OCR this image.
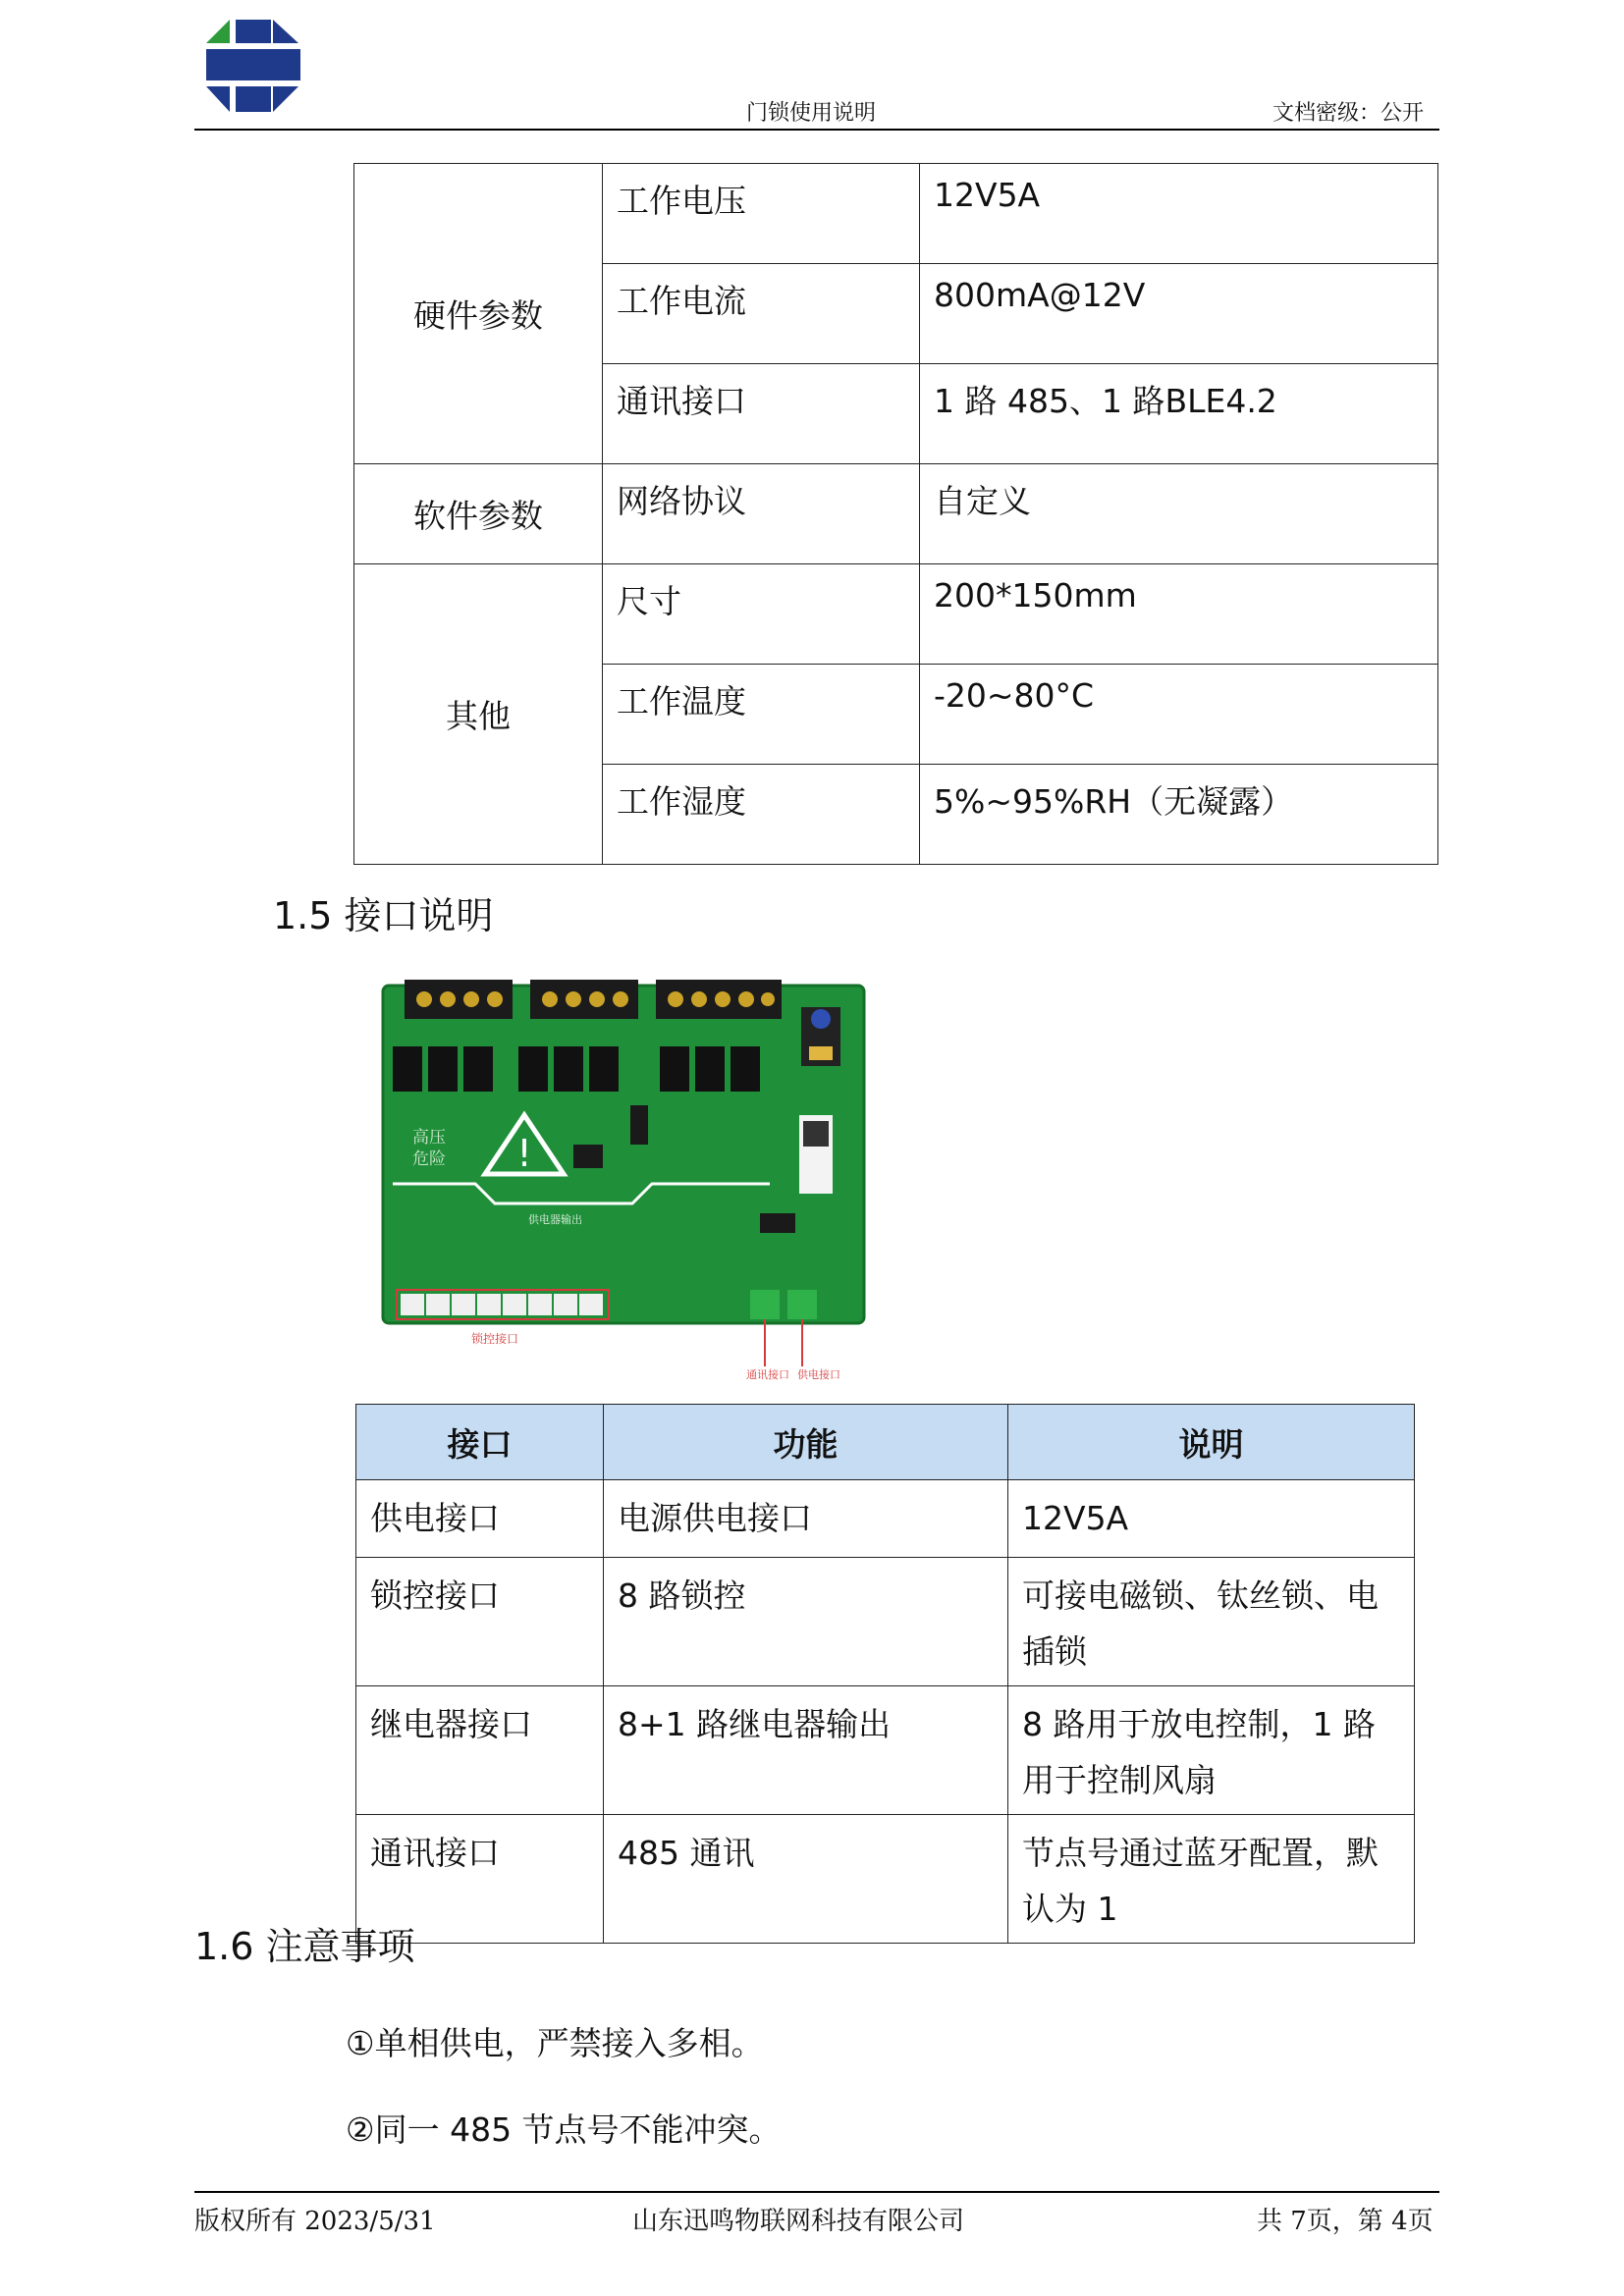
门锁使用说明	文档密级：公开
硬件参数	工作电压	12V5A
	工作电流	800mA@12V
	通讯接口	1 路 485、1 路BLE4.2
软件参数	网络协议	自定义
其他	尺寸	200*150mm
	工作温度	-20~80°C
	工作湿度	5%~95%RH（无凝露）
1.5 接口说明
!
高压
危险
供电器输出
锁控接口
通讯接口 供电接口
接口	功能	说明
供电接口	电源供电接口	12V5A
锁控接口	8 路锁控	可接电磁锁、钛丝锁、电插锁
继电器接口	8+1 路继电器输出	8 路用于放电控制，1 路用于控制风扇
通讯接口	485 通讯	节点号通过蓝牙配置，默认为 1
1.6 注意事项
①单相供电，严禁接入多相。
②同一 485 节点号不能冲突。
版权所有 2023/5/31	山东迅鸣物联网科技有限公司	共 7页，第 4页
